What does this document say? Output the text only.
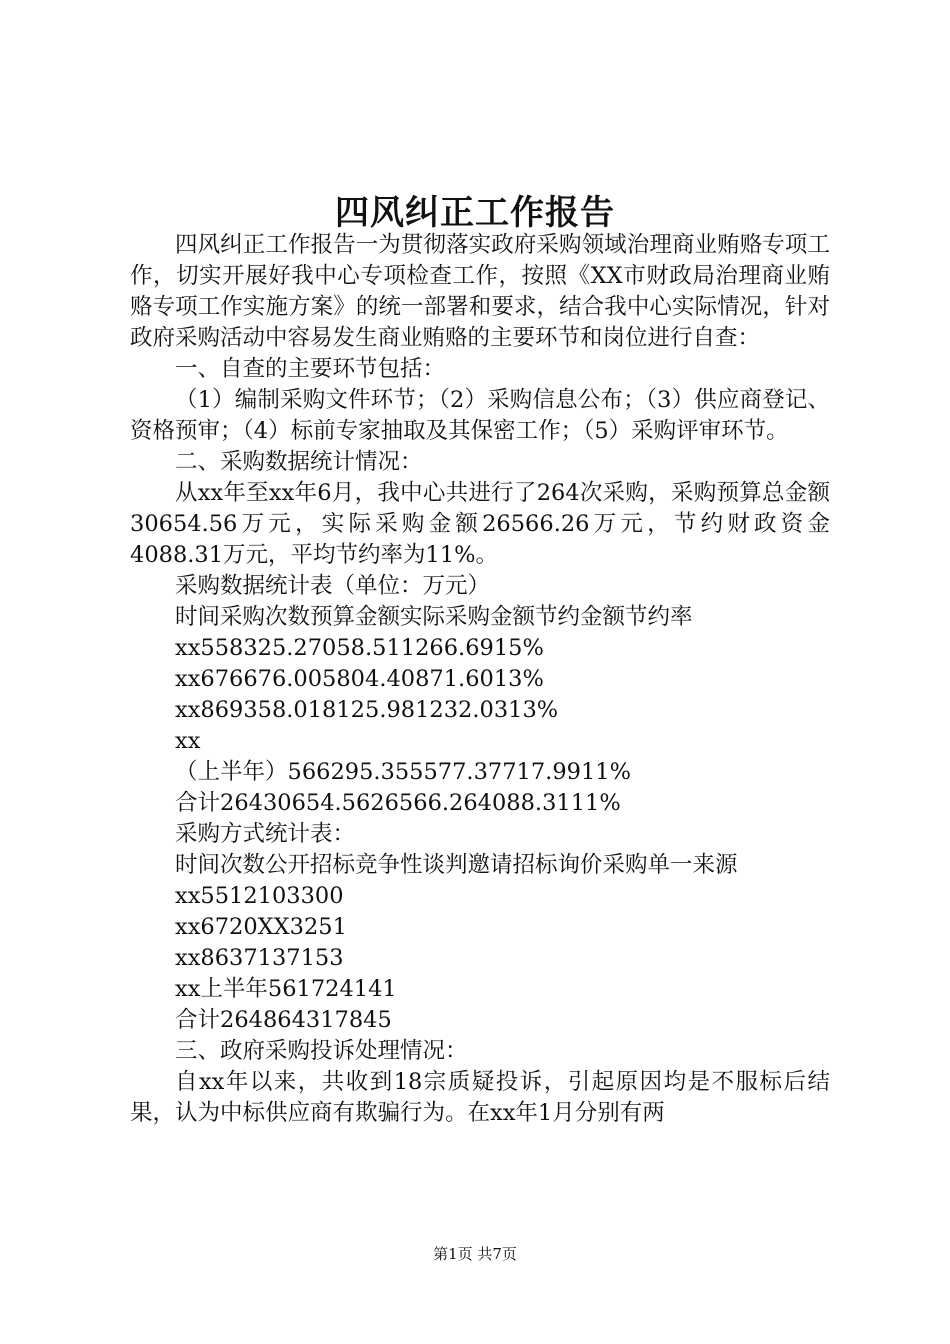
四风纠正工作报告

四风纠正工作报告一为贯彻落实政府采购领域治理商业贿赂专项工作，切实开展好我中心专项检查工作，按照《XX市财政局治理商业贿赂专项工作实施方案》的统一部署和要求，结合我中心实际情况，针对政府采购活动中容易发生商业贿赂的主要环节和岗位进行自查：

一、自查的主要环节包括：

（1）编制采购文件环节；（2）采购信息公布；（3）供应商登记、资格预审；（4）标前专家抽取及其保密工作；（5）采购评审环节。

二、采购数据统计情况：

从xx年至xx年6月，我中心共进行了264次采购，采购预算总金额30654.56万元，实际采购金额26566.26万元，节约财政资金4088.31万元，平均节约率为11%。

采购数据统计表（单位：万元）

时间采购次数预算金额实际采购金额节约金额节约率

xx558325.27058.511266.6915%

xx676676.005804.40871.6013%

xx869358.018125.981232.0313%

xx

（上半年）566295.355577.37717.9911%

合计26430654.5626566.264088.3111%

采购方式统计表：

时间次数公开招标竞争性谈判邀请招标询价采购单一来源

xx5512103300

xx6720XX3251

xx8637137153

xx上半年561724141

合计264864317845

三、政府采购投诉处理情况：

自xx年以来，共收到18宗质疑投诉，引起原因均是不服标后结果，认为中标供应商有欺骗行为。在xx年1月分别有两

第1页 共7页
